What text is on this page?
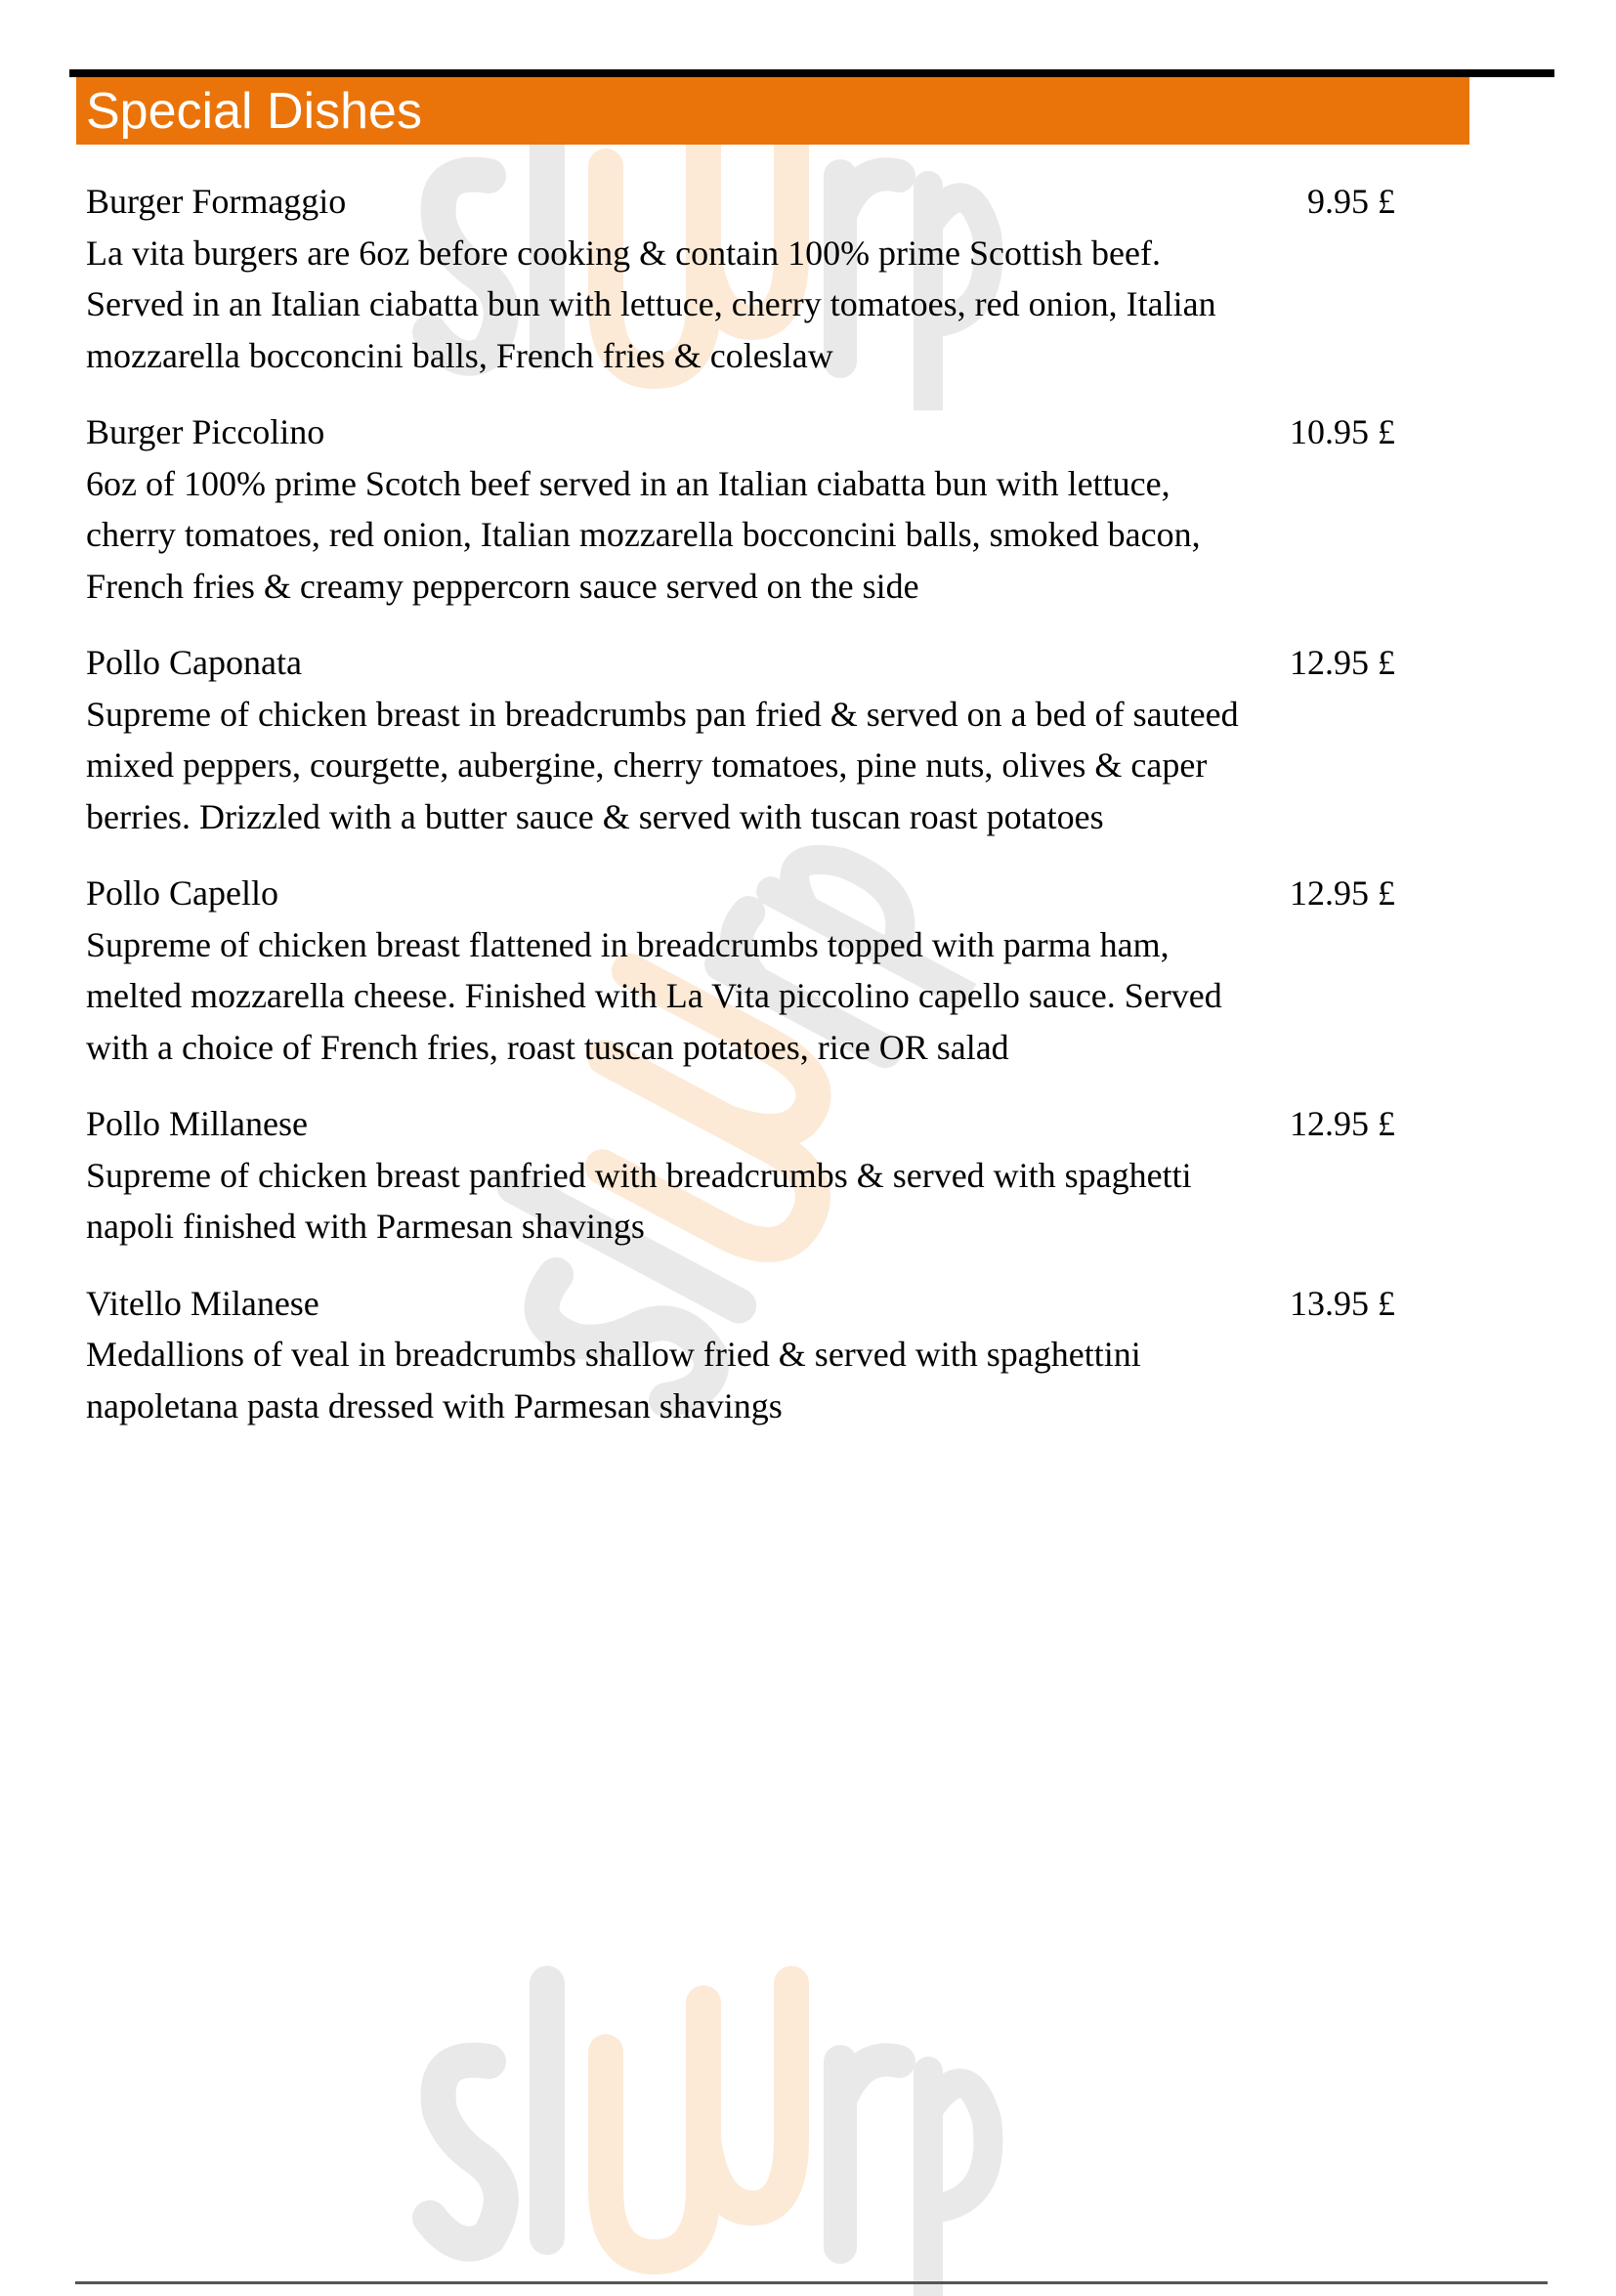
Special Dishes
Burger Formaggio
La vita burgers are 6oz before cooking & contain 100% prime Scottish beef. Served in an Italian ciabatta bun with lettuce, cherry tomatoes, red onion, Italian mozzarella bocconcini balls, French fries & coleslaw
9.95 £
Burger Piccolino
6oz of 100% prime Scotch beef served in an Italian ciabatta bun with lettuce, cherry tomatoes, red onion, Italian mozzarella bocconcini balls, smoked bacon, French fries & creamy peppercorn sauce served on the side
10.95 £
Pollo Caponata
Supreme of chicken breast in breadcrumbs pan fried & served on a bed of sauteed mixed peppers, courgette, aubergine, cherry tomatoes, pine nuts, olives & caper berries. Drizzled with a butter sauce & served with tuscan roast potatoes
12.95 £
Pollo Capello
Supreme of chicken breast flattened in breadcrumbs topped with parma ham, melted mozzarella cheese. Finished with La Vita piccolino capello sauce. Served with a choice of French fries, roast tuscan potatoes, rice OR salad
12.95 £
Pollo Millanese
Supreme of chicken breast panfried with breadcrumbs & served with spaghetti napoli finished with Parmesan shavings
12.95 £
Vitello Milanese
Medallions of veal in breadcrumbs shallow fried & served with spaghettini napoletana pasta dressed with Parmesan shavings
13.95 £
